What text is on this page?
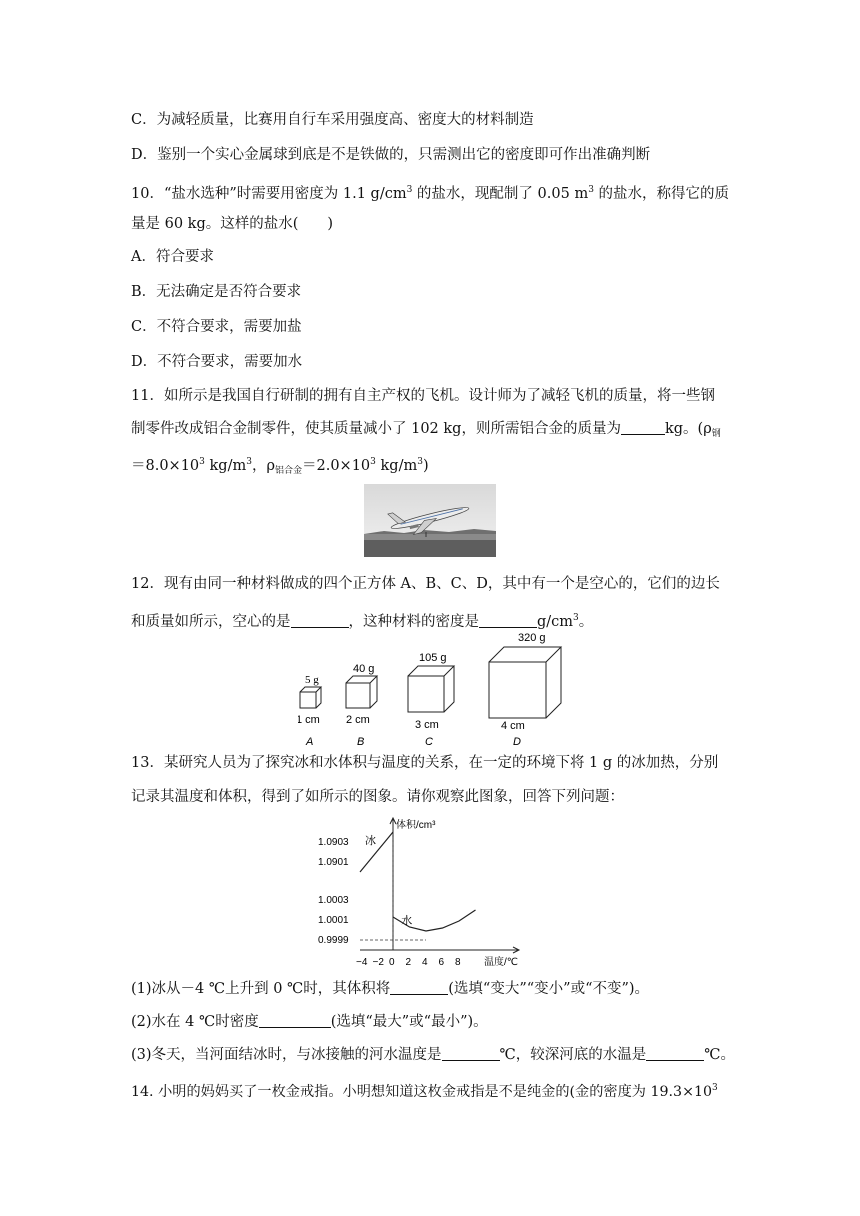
C．为减轻质量，比赛用自行车采用强度高、密度大的材料制造
D．鉴别一个实心金属球到底是不是铁做的，只需测出它的密度即可作出准确判断
10．“盐水选种”时需要用密度为 1.1 $g/cm^3$ 的盐水，现配制了 0.05 $m^3$ 的盐水，称得它的质
量是 60 kg。这样的盐水(　　)
A．符合要求
B．无法确定是否符合要求
C．不符合要求，需要加盐
D．不符合要求，需要加水
11．如所示是我国自行研制的拥有自主产权的飞机。设计师为了减轻飞机的质量，将一些钢
制零件改成铝合金制零件，使其质量减小了 102 kg，则所需铝合金的质量为	kg。($\rho_钢$
$=8.0\times 10^3$ $kg/m^3$，$\rho_{铝合金}=2.0\times 10^3$ $kg/m^3$)
12．现有由同一种材料做成的四个正方体 A、B、C、D，其中有一个是空心的，它们的边长
和质量如所示，空心的是	，这种材料的密度是	$g/cm^3$。
5 g
1 cm
A
40 g
2 cm
B
105 g
3 cm
C
320 g
4 cm
D
13．某研究人员为了探究冰和水体积与温度的关系，在一定的环境下将 1 g 的冰加热，分别
记录其温度和体积，得到了如所示的图象。请你观察此图象，回答下列问题：
体积/cm³
温度/℃
−4 −2 0 2 4 6 8
1.0903
1.0901
1.0003
1.0001
0.9999
冰
水
(1)冰从－4 ℃上升到 0 ℃时，其体积将	(选填“变大”“变小”或“不变”)。
(2)水在 4 ℃时密度	(选填“最大”或“最小”)。
(3)冬天，当河面结冰时，与冰接触的河水温度是	℃，较深河底的水温是	℃。
14. 小明的妈妈买了一枚金戒指。小明想知道这枚金戒指是不是纯金的(金的密度为 $19.3\times 10^3$
